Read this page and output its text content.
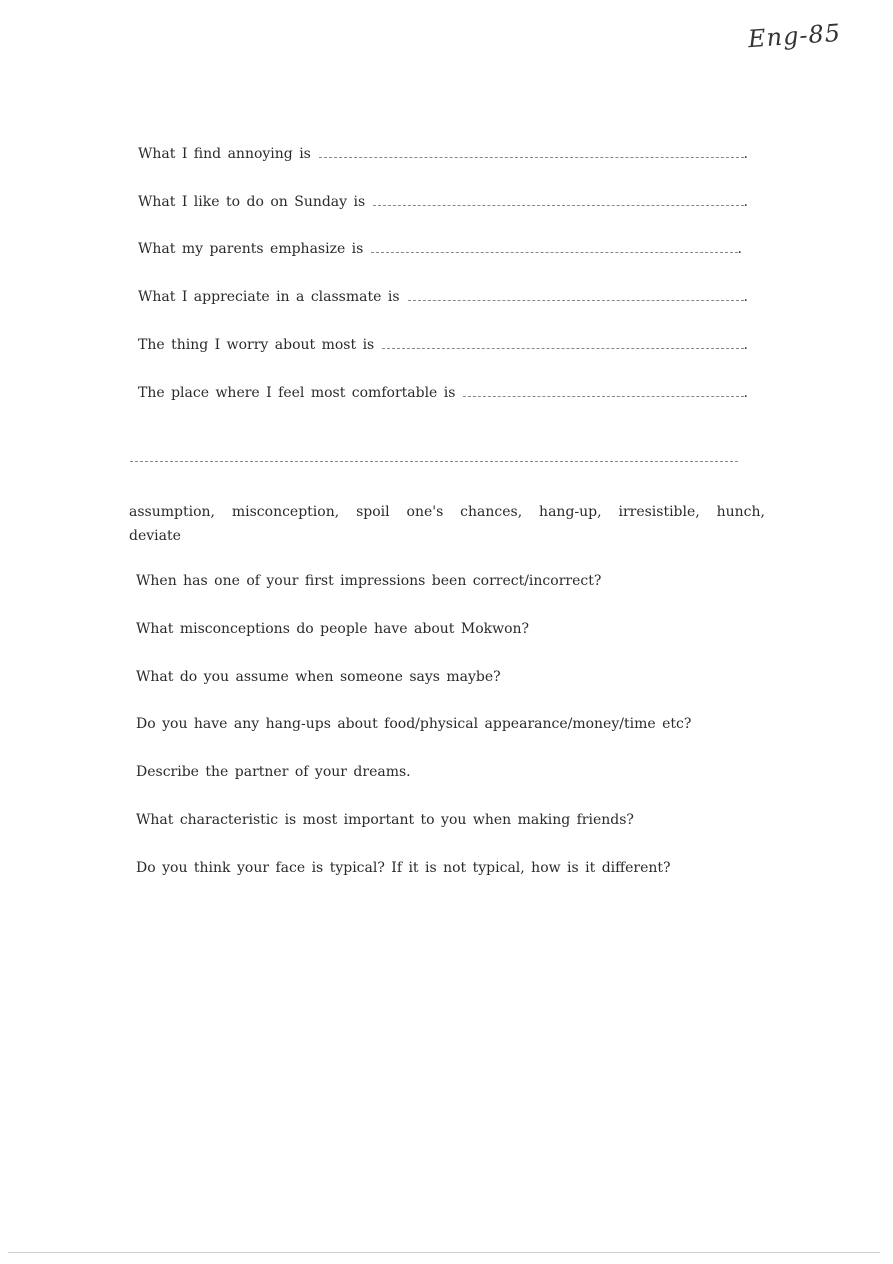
Eng-85
What I find annoying is	.
What I like to do on Sunday is	.
What my parents emphasize is	.
What I appreciate in a classmate is	.
The thing I worry about most is	.
The place where I feel most comfortable is	.
assumption, misconception, spoil one's chances, hang-up, irresistible, hunch, deviate
When has one of your first impressions been correct/incorrect?
What misconceptions do people have about Mokwon?
What do you assume when someone says maybe?
Do you have any hang-ups about food/physical appearance/money/time etc?
Describe the partner of your dreams.
What characteristic is most important to you when making friends?
Do you think your face is typical? If it is not typical, how is it different?
